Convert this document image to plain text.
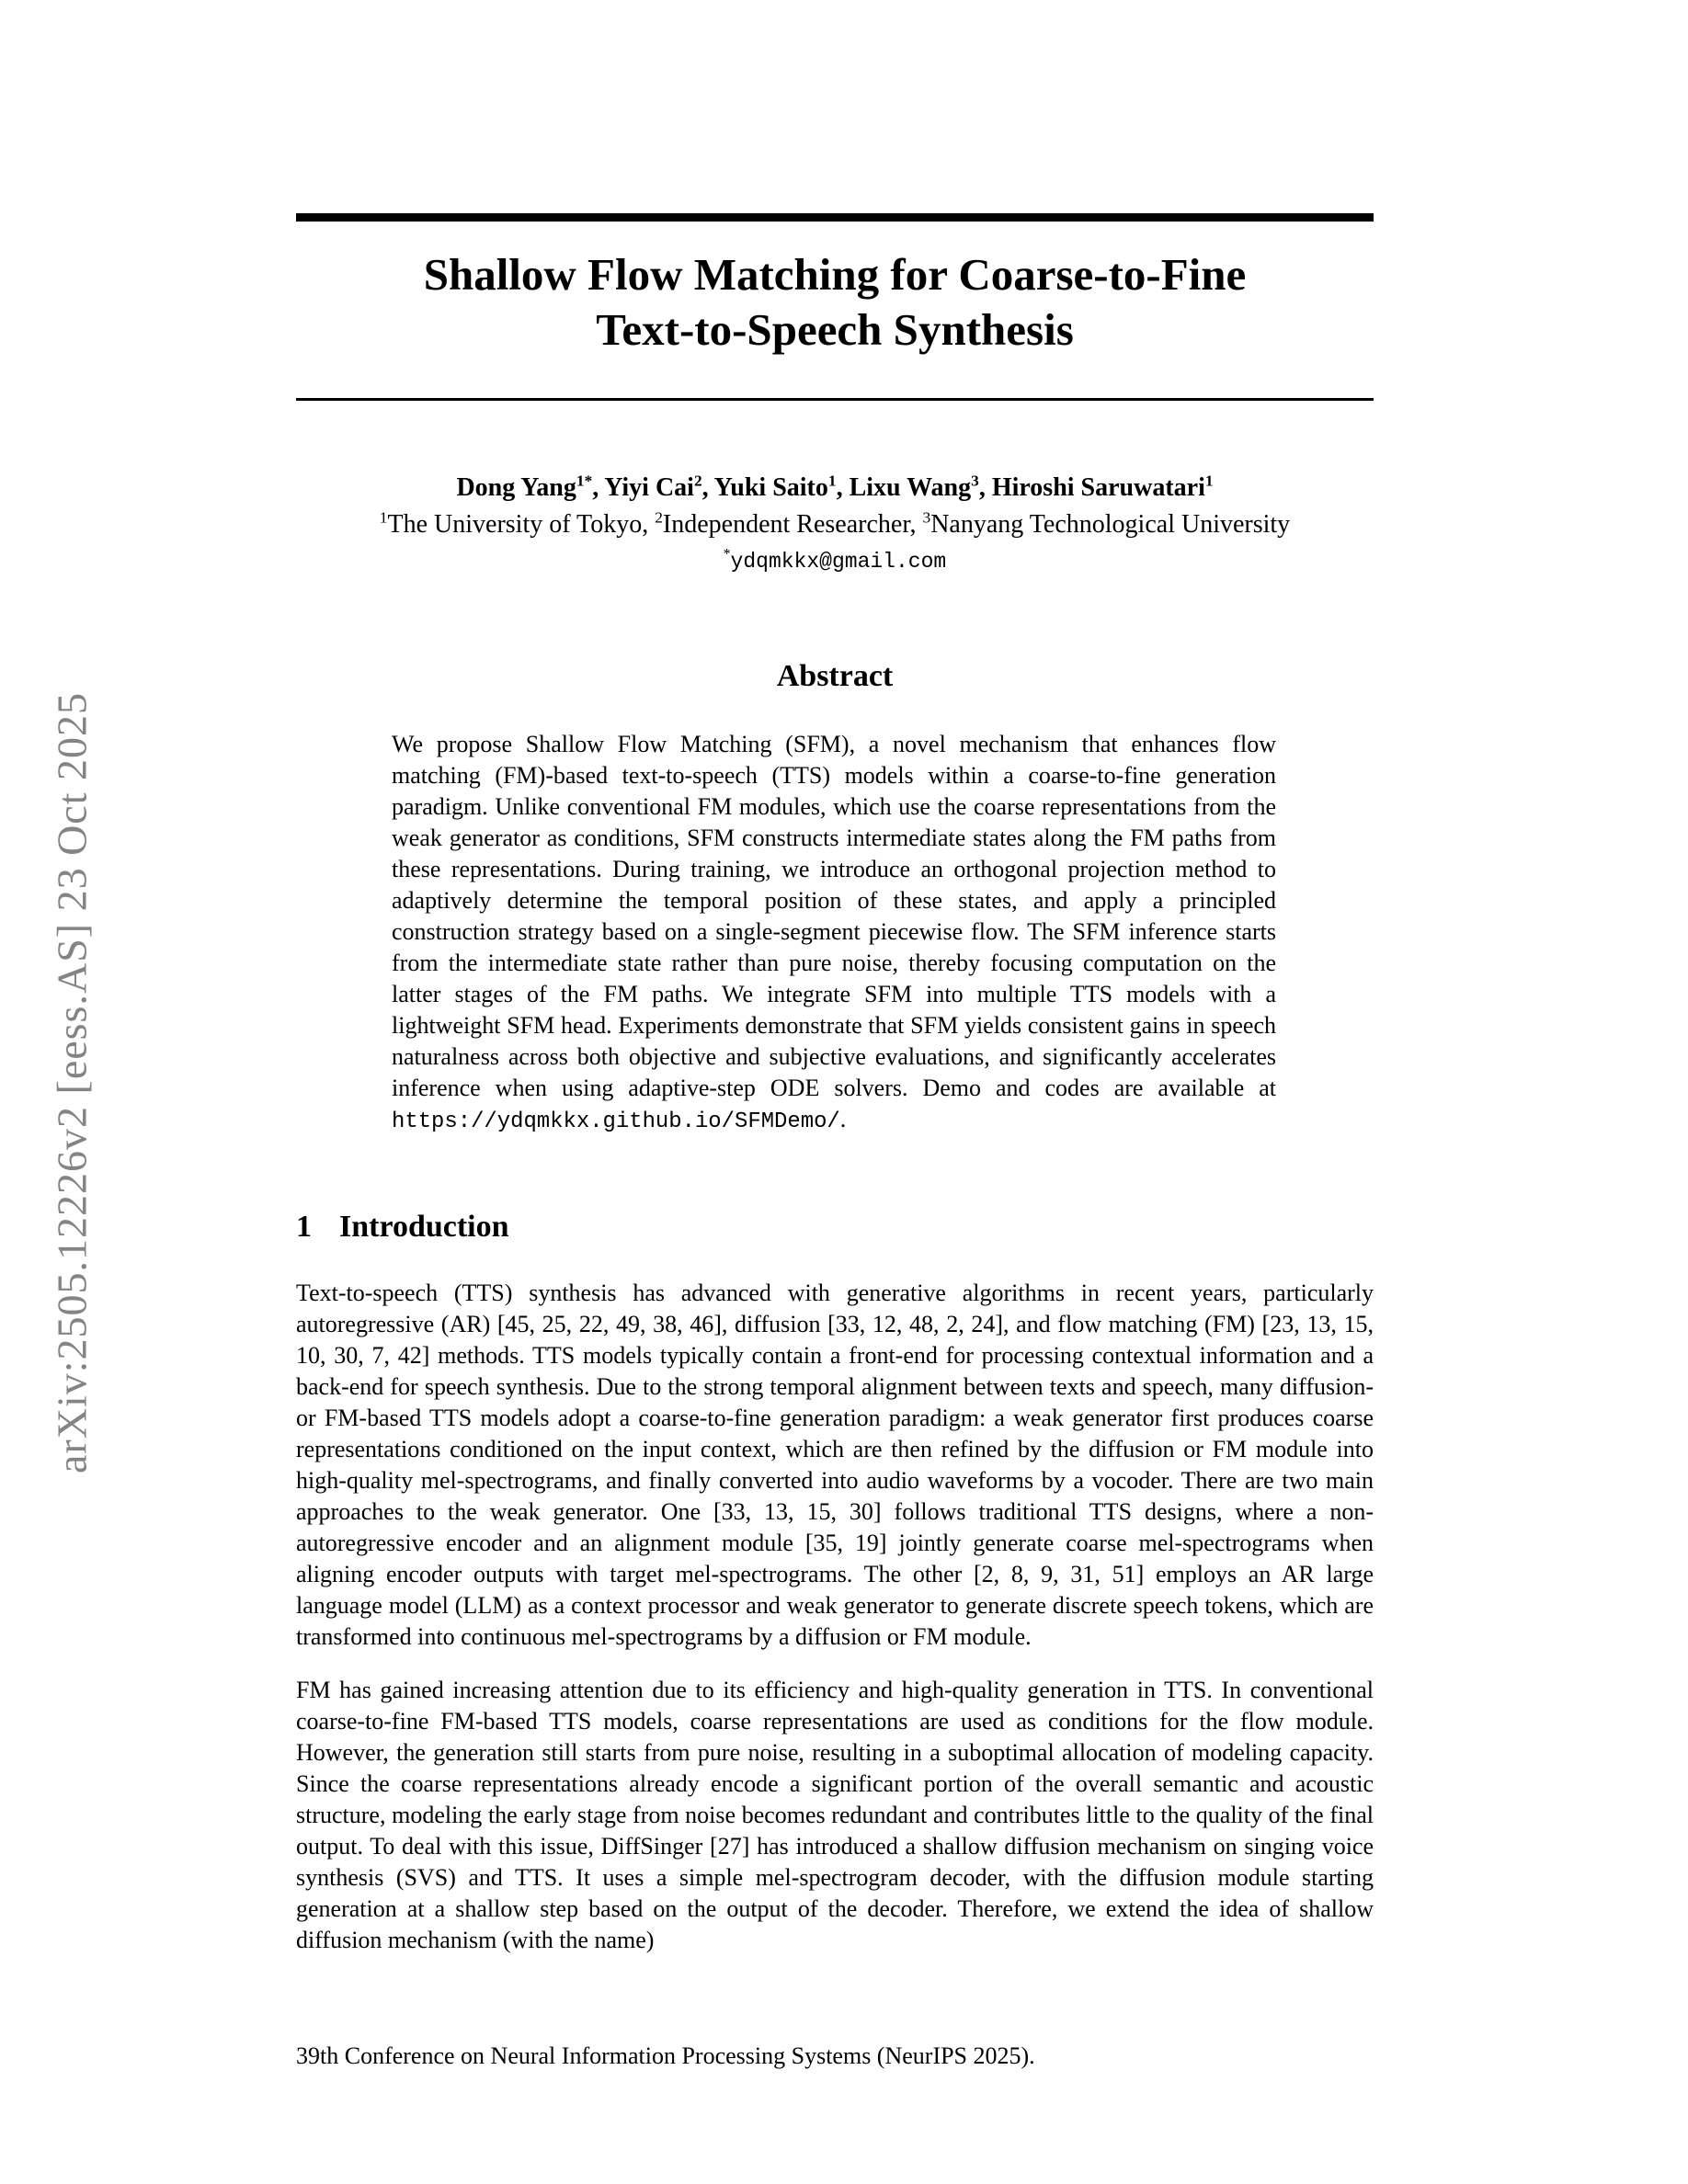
arXiv:2505.12226v2 [eess.AS] 23 Oct 2025
Shallow Flow Matching for Coarse-to-Fine
Text-to-Speech Synthesis
Dong Yang$^{1*}$, Yiyi Cai$^2$, Yuki Saito$^1$, Lixu Wang$^3$, Hiroshi Saruwatari$^1$
$^1$The University of Tokyo, $^2$Independent Researcher, $^3$Nanyang Technological University
*ydqmkkx@gmail.com
Abstract

We propose Shallow Flow Matching (SFM), a novel mechanism that enhances flow matching (FM)-based text-to-speech (TTS) models within a coarse-to-fine generation paradigm. Unlike conventional FM modules, which use the coarse representations from the weak generator as conditions, SFM constructs intermediate states along the FM paths from these representations. During training, we introduce an orthogonal projection method to adaptively determine the temporal position of these states, and apply a principled construction strategy based on a single-segment piecewise flow. The SFM inference starts from the intermediate state rather than pure noise, thereby focusing computation on the latter stages of the FM paths. We integrate SFM into multiple TTS models with a lightweight SFM head. Experiments demonstrate that SFM yields consistent gains in speech naturalness across both objective and subjective evaluations, and significantly accelerates inference when using adaptive-step ODE solvers. Demo and codes are available at https://ydqmkkx.github.io/SFMDemo/.

1 Introduction

Text-to-speech (TTS) synthesis has advanced with generative algorithms in recent years, particularly autoregressive (AR) [45, 25, 22, 49, 38, 46], diffusion [33, 12, 48, 2, 24], and flow matching (FM) [23, 13, 15, 10, 30, 7, 42] methods. TTS models typically contain a front-end for processing contextual information and a back-end for speech synthesis. Due to the strong temporal alignment between texts and speech, many diffusion- or FM-based TTS models adopt a coarse-to-fine generation paradigm: a weak generator first produces coarse representations conditioned on the input context, which are then refined by the diffusion or FM module into high-quality mel-spectrograms, and finally converted into audio waveforms by a vocoder. There are two main approaches to the weak generator. One [33, 13, 15, 30] follows traditional TTS designs, where a non-autoregressive encoder and an alignment module [35, 19] jointly generate coarse mel-spectrograms when aligning encoder outputs with target mel-spectrograms. The other [2, 8, 9, 31, 51] employs an AR large language model (LLM) as a context processor and weak generator to generate discrete speech tokens, which are transformed into continuous mel-spectrograms by a diffusion or FM module.

FM has gained increasing attention due to its efficiency and high-quality generation in TTS. In conventional coarse-to-fine FM-based TTS models, coarse representations are used as conditions for the flow module. However, the generation still starts from pure noise, resulting in a suboptimal allocation of modeling capacity. Since the coarse representations already encode a significant portion of the overall semantic and acoustic structure, modeling the early stage from noise becomes redundant and contributes little to the quality of the final output. To deal with this issue, DiffSinger [27] has introduced a shallow diffusion mechanism on singing voice synthesis (SVS) and TTS. It uses a simple mel-spectrogram decoder, with the diffusion module starting generation at a shallow step based on the output of the decoder. Therefore, we extend the idea of shallow diffusion mechanism (with the name)

39th Conference on Neural Information Processing Systems (NeurIPS 2025).
